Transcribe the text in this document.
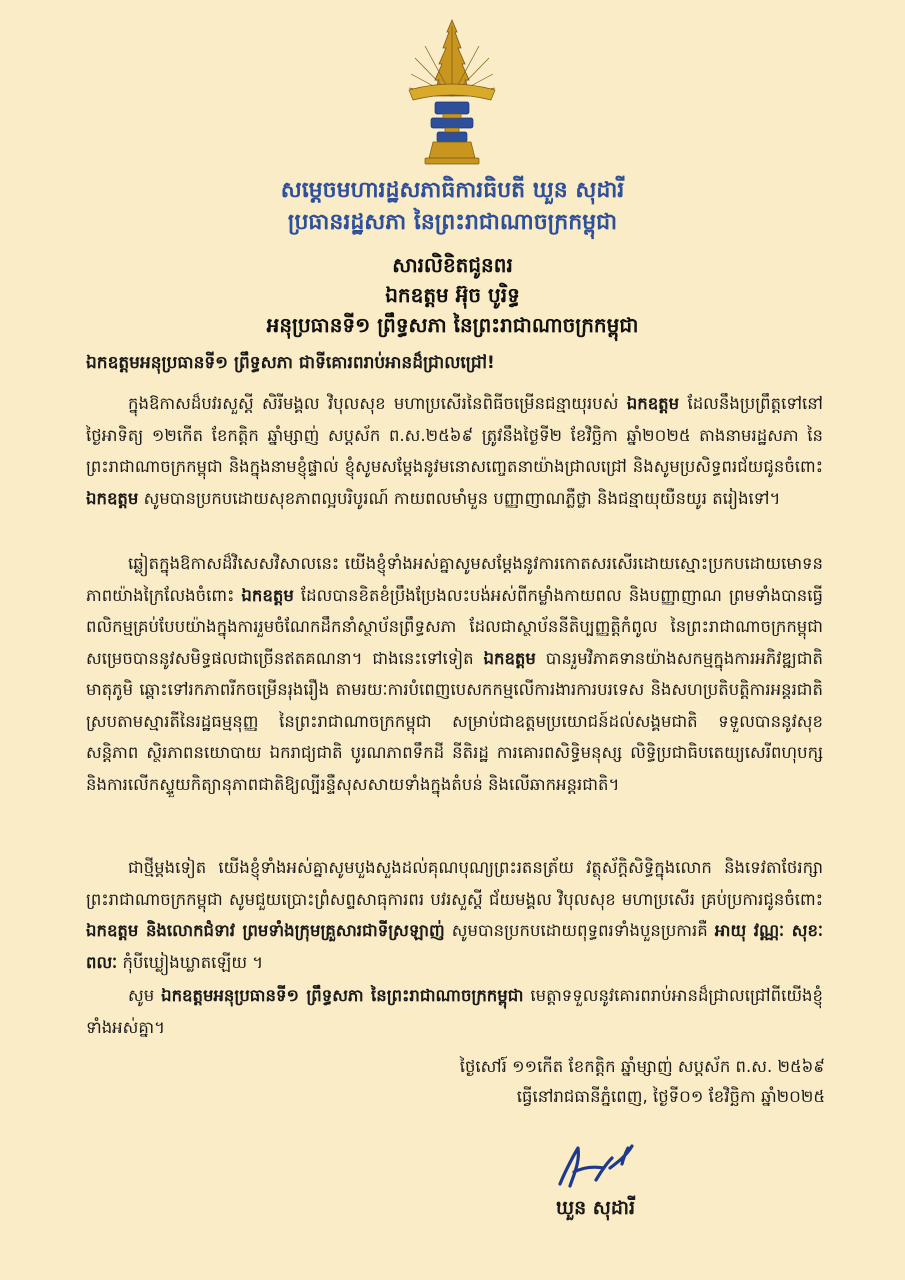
សម្ដេចមហារដ្ឋសភាធិការធិបតី ឃួន សុដារី
ប្រធានរដ្ឋសភា នៃព្រះរាជាណាចក្រកម្ពុជា
សារលិខិតជូនពរ
ឯកឧត្តម អ៊ុច បូរិទ្ធ
អនុប្រធានទី១ ព្រឹទ្ធសភា នៃព្រះរាជាណាចក្រកម្ពុជា
ឯកឧត្តមអនុប្រធានទី១ ព្រឹទ្ធសភា ជាទីគោរពរាប់អានដ៏ជ្រាលជ្រៅ!

ក្នុងឱកាសដ៏បវរសួស្តី សិរីមង្គល វិបុលសុខ មហាប្រសើរនៃពិធីចម្រើនជន្មាយុរបស់ ឯកឧត្តម ដែលនឹងប្រព្រឹត្តទៅនៅថ្ងៃអាទិត្យ ១២កើត ខែកត្តិក ឆ្នាំម្សាញ់ សប្តស័ក ព.ស.២៥៦៩ ត្រូវនឹងថ្ងៃទី២ ខែវិច្ឆិកា ឆ្នាំ២០២៥ តាងនាមរដ្ឋសភា នៃព្រះរាជាណាចក្រកម្ពុជា និងក្នុងនាមខ្ញុំផ្ទាល់ ខ្ញុំសូមសម្តែងនូវមនោសញ្ចេតនាយ៉ាងជ្រាលជ្រៅ និងសូមប្រសិទ្ធពរជ័យជូនចំពោះ ឯកឧត្តម សូមបានប្រកបដោយសុខភាពល្អបរិបូរណ៍ កាយពលមាំមួន បញ្ញាញាណភ្លឺថ្លា និងជន្មាយុយឺនយូរ តរៀងទៅ។

ឆ្លៀតក្នុងឱកាសដ៏វិសេសវិសាលនេះ យើងខ្ញុំទាំងអស់គ្នាសូមសម្តែងនូវការកោតសរសើរដោយស្មោះប្រកបដោយមោទនភាពយ៉ាងក្រៃលែងចំពោះ ឯកឧត្តម ដែលបានខិតខំប្រឹងប្រែងលះបង់អស់ពីកម្លាំងកាយពល និងបញ្ញាញាណ ព្រមទាំងបានធ្វើពលិកម្មគ្រប់បែបយ៉ាងក្នុងការរួមចំណែកដឹកនាំស្ថាប័នព្រឹទ្ធសភា ដែលជាស្ថាប័ននីតិប្បញ្ញត្តិកំពូល នៃព្រះរាជាណាចក្រកម្ពុជា សម្រេចបាននូវសមិទ្ធផលជាច្រើនឥតគណនា។ ជាងនេះទៅទៀត ឯកឧត្តម បានរួមវិភាគទានយ៉ាងសកម្មក្នុងការអភិវឌ្ឍជាតិមាតុភូមិ ឆ្ពោះទៅរកភាពរីកចម្រើនរុងរឿង តាមរយៈការបំពេញបេសកកម្មលើការងារការបរទេស និងសហប្រតិបត្តិការអន្តរជាតិ ស្របតាមស្មារតីនៃរដ្ឋធម្មនុញ្ញ នៃព្រះរាជាណាចក្រកម្ពុជា សម្រាប់ជាឧត្តមប្រយោជន៍ដល់សង្គមជាតិ ទទួលបាននូវសុខសន្តិភាព ស្ថិរភាពនយោបាយ ឯករាជ្យជាតិ បូរណភាពទឹកដី នីតិរដ្ឋ ការគោរពសិទ្ធិមនុស្ស លិទ្ធិប្រជាធិបតេយ្យសេរីពហុបក្ស និងការលើកស្ទួយកិត្យានុភាពជាតិឱ្យល្បីរន្ទឺសុសសាយទាំងក្នុងតំបន់ និងលើឆាកអន្តរជាតិ។

ជាថ្មីម្តងទៀត យើងខ្ញុំទាំងអស់គ្នាសូមបួងសួងដល់គុណបុណ្យព្រះរតនត្រ័យ វត្ថុស័ក្តិសិទ្ធិក្នុងលោក និងទេវតាថែរក្សាព្រះរាជាណាចក្រកម្ពុជា សូមជួយប្រោះព្រំសព្ទសាធុការពរ បវរសួស្តី ជ័យមង្គល វិបុលសុខ មហាប្រសើរ គ្រប់ប្រការជូនចំពោះ ឯកឧត្តម និងលោកជំទាវ ព្រមទាំងក្រុមគ្រួសារជាទីស្រឡាញ់ សូមបានប្រកបដោយពុទ្ធពរទាំងបួនប្រការគឺ អាយុ វណ្ណៈ សុខៈ ពលៈ កុំបីឃ្លៀងឃ្លាតឡើយ ។

សូម ឯកឧត្តមអនុប្រធានទី១ ព្រឹទ្ធសភា នៃព្រះរាជាណាចក្រកម្ពុជា មេត្តាទទួលនូវគោរពរាប់អានដ៏ជ្រាលជ្រៅពីយើងខ្ញុំទាំងអស់គ្នា។

ថ្ងៃសៅរ៍ ១១កើត ខែកត្តិក ឆ្នាំម្សាញ់ សប្តស័ក ព.ស. ២៥៦៩
ធ្វើនៅរាជធានីភ្នំពេញ, ថ្ងៃទី០១ ខែវិច្ឆិកា ឆ្នាំ២០២៥
ឃួន សុដារី
